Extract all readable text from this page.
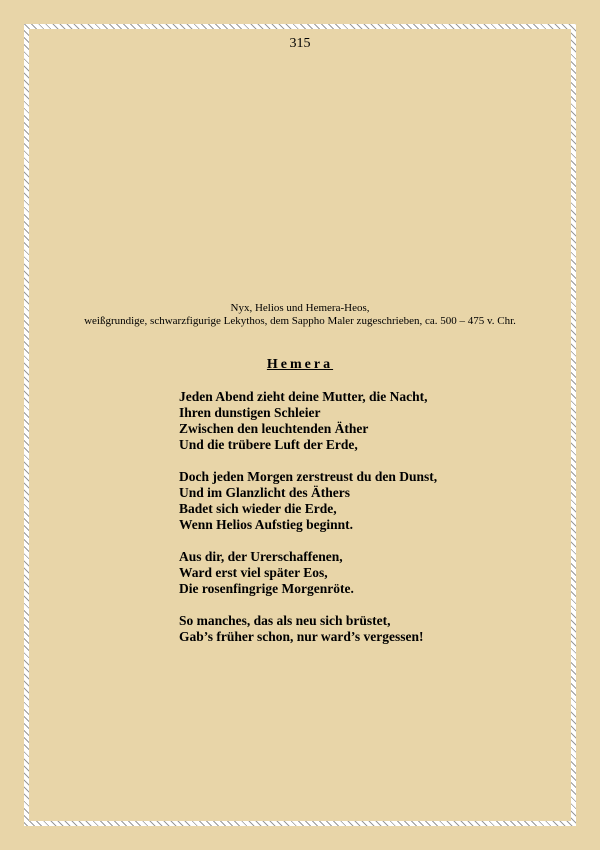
315
Nyx, Helios und Hemera-Heos,
weißgrundige, schwarzfigurige Lekythos, dem Sappho Maler zugeschrieben, ca. 500 – 475 v. Chr.
Hemera
Jeden Abend zieht deine Mutter, die Nacht,
Ihren dunstigen Schleier
Zwischen den leuchtenden Äther
Und die trübere Luft der Erde,
Doch jeden Morgen zerstreust du den Dunst,
Und im Glanzlicht des Äthers
Badet sich wieder die Erde,
Wenn Helios Aufstieg beginnt.
Aus dir, der Urerschaffenen,
Ward erst viel später Eos,
Die rosenfingrige Morgenröte.
So manches, das als neu sich brüstet,
Gab’s früher schon, nur ward’s vergessen!
